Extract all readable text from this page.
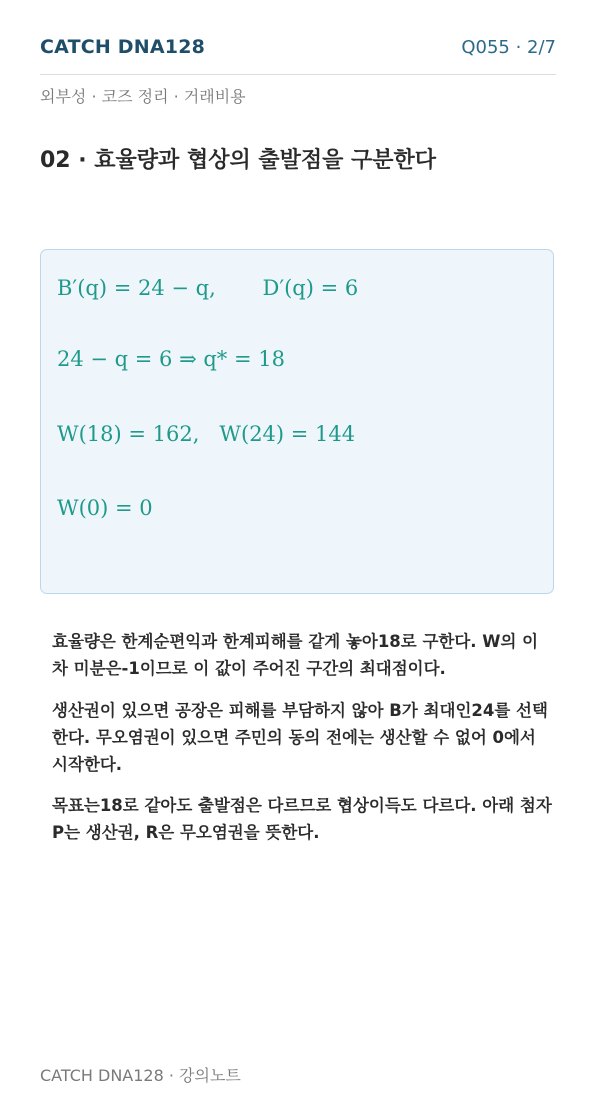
CATCH DNA128	Q055 · 2/7
외부성 · 코즈 정리 · 거래비용
02 · 효율량과 협상의 출발점을 구분한다
B′(q) = 24 − q,       D′(q) = 6
24 − q = 6 ⇒ q* = 18
W(18) = 162,   W(24) = 144
W(0) = 0
효율량은 한계순편익과 한계피해를 같게 놓아18로 구한다. W의 이차 미분은-1이므로 이 값이 주어진 구간의 최대점이다.
생산권이 있으면 공장은 피해를 부담하지 않아 B가 최대인24를 선택한다. 무오염권이 있으면 주민의 동의 전에는 생산할 수 없어 0에서 시작한다.
목표는18로 같아도 출발점은 다르므로 협상이득도 다르다. 아래 첨자 P는 생산권, R은 무오염권을 뜻한다.
CATCH DNA128 · 강의노트
